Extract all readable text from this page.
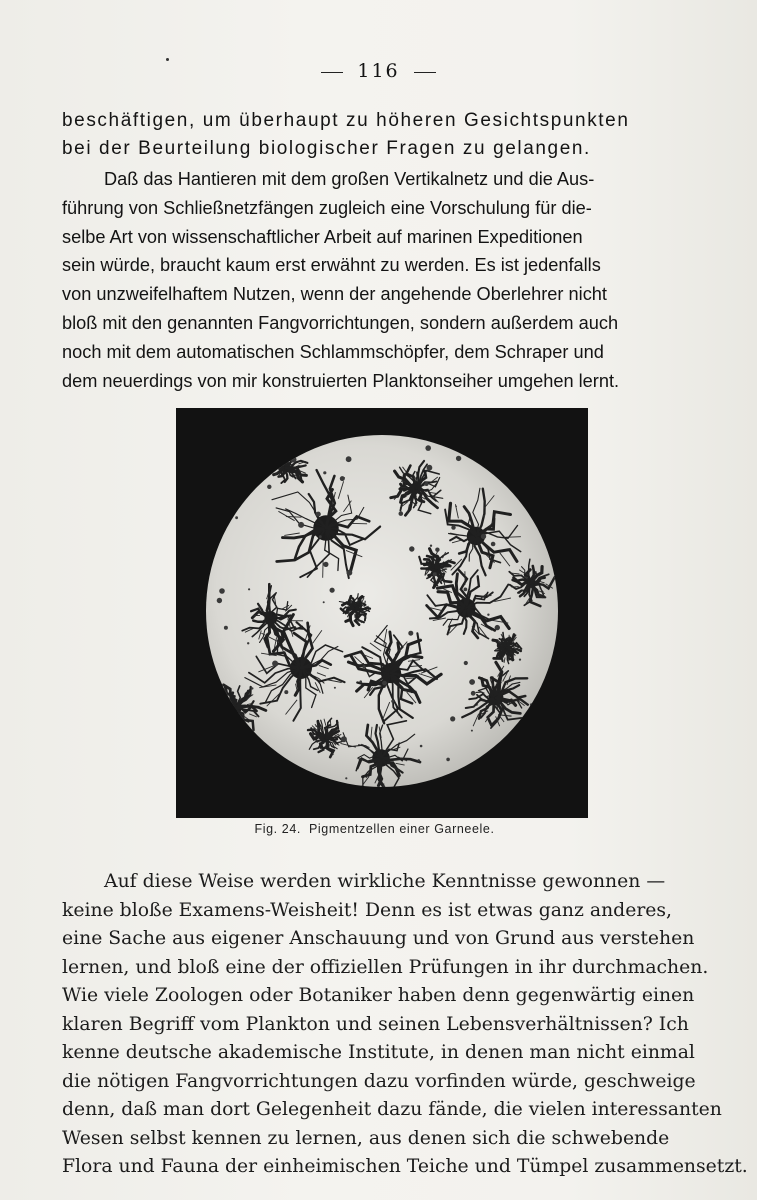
116
beschäftigen, um überhaupt zu höheren Gesichtspunkten
bei der Beurteilung biologischer Fragen zu gelangen.
Daß das Hantieren mit dem großen Vertikalnetz und die Aus-
führung von Schließnetzfängen zugleich eine Vorschulung für die-
selbe Art von wissenschaftlicher Arbeit auf marinen Expeditionen
sein würde, braucht kaum erst erwähnt zu werden. Es ist jedenfalls
von unzweifelhaftem Nutzen, wenn der angehende Oberlehrer nicht
bloß mit den genannten Fangvorrichtungen, sondern außerdem auch
noch mit dem automatischen Schlammschöpfer, dem Schraper und
dem neuerdings von mir konstruierten Planktonseiher umgehen lernt.
Fig. 24. Pigmentzellen einer Garneele.
Auf diese Weise werden wirkliche Kenntnisse gewonnen —
keine bloße Examens-Weisheit! Denn es ist etwas ganz anderes,
eine Sache aus eigener Anschauung und von Grund aus verstehen
lernen, und bloß eine der offiziellen Prüfungen in ihr durchmachen.
Wie viele Zoologen oder Botaniker haben denn gegenwärtig einen
klaren Begriff vom Plankton und seinen Lebensverhältnissen? Ich
kenne deutsche akademische Institute, in denen man nicht einmal
die nötigen Fangvorrichtungen dazu vorfinden würde, geschweige
denn, daß man dort Gelegenheit dazu fände, die vielen interessanten
Wesen selbst kennen zu lernen, aus denen sich die schwebende
Flora und Fauna der einheimischen Teiche und Tümpel zusammensetzt.
